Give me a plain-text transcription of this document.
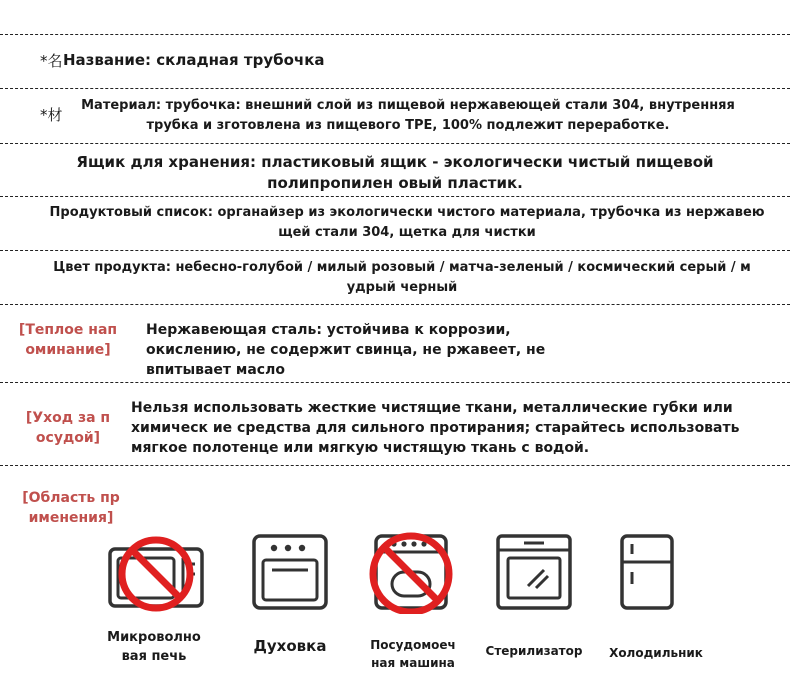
*名 Название: складная трубочка
*材
Материал: трубочка: внешний слой из пищевой нержавеющей стали 304, внутренняя трубка и зготовлена из пищевого TPE, 100% подлежит переработке.
Ящик для хранения: пластиковый ящик - экологически чистый пищевой полипропилен овый пластик.
Продуктовый список: органайзер из экологически чистого материала, трубочка из нержавею щей стали 304, щетка для чистки
Цвет продукта: небесно-голубой / милый розовый / матча-зеленый / космический серый / м удрый черный
[Теплое нап оминание]
Нержавеющая сталь: устойчива к коррозии, окислению, не содержит свинца, не ржавеет, не впитывает масло
[Уход за п осудой]
Нельзя использовать жесткие чистящие ткани, металлические губки или химическ ие средства для сильного протирания; старайтесь использовать мягкое полотенце или мягкую чистящую ткань с водой.
[Область пр именения]
Микроволно вая печь
Духовка	Посудомоеч ная машина
Стерилизатор	Холодильник
